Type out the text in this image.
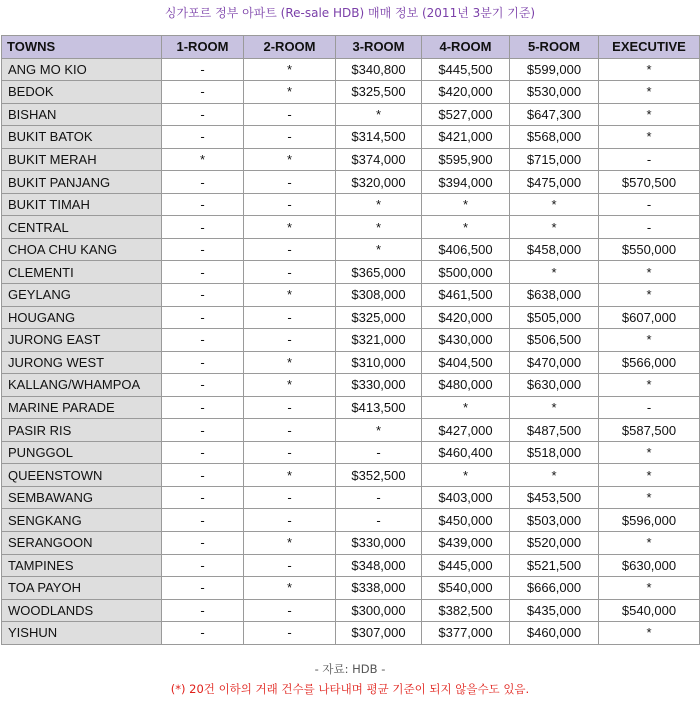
싱가포르 정부 아파트 (Re-sale HDB) 매매 정보 (2011년 3분기 기준)
TOWNS	1-ROOM	2-ROOM	3-ROOM	4-ROOM	5-ROOM	EXECUTIVE
ANG MO KIO	-	*	$340,800	$445,500	$599,000	*
BEDOK	-	*	$325,500	$420,000	$530,000	*
BISHAN	-	-	*	$527,000	$647,300	*
BUKIT BATOK	-	-	$314,500	$421,000	$568,000	*
BUKIT MERAH	*	*	$374,000	$595,900	$715,000	-
BUKIT PANJANG	-	-	$320,000	$394,000	$475,000	$570,500
BUKIT TIMAH	-	-	*	*	*	-
CENTRAL	-	*	*	*	*	-
CHOA CHU KANG	-	-	*	$406,500	$458,000	$550,000
CLEMENTI	-	-	$365,000	$500,000	*	*
GEYLANG	-	*	$308,000	$461,500	$638,000	*
HOUGANG	-	-	$325,000	$420,000	$505,000	$607,000
JURONG EAST	-	-	$321,000	$430,000	$506,500	*
JURONG WEST	-	*	$310,000	$404,500	$470,000	$566,000
KALLANG/WHAMPOA	-	*	$330,000	$480,000	$630,000	*
MARINE PARADE	-	-	$413,500	*	*	-
PASIR RIS	-	-	*	$427,000	$487,500	$587,500
PUNGGOL	-	-	-	$460,400	$518,000	*
QUEENSTOWN	-	*	$352,500	*	*	*
SEMBAWANG	-	-	-	$403,000	$453,500	*
SENGKANG	-	-	-	$450,000	$503,000	$596,000
SERANGOON	-	*	$330,000	$439,000	$520,000	*
TAMPINES	-	-	$348,000	$445,000	$521,500	$630,000
TOA PAYOH	-	*	$338,000	$540,000	$666,000	*
WOODLANDS	-	-	$300,000	$382,500	$435,000	$540,000
YISHUN	-	-	$307,000	$377,000	$460,000	*
- 자료: HDB -
(*) 20건 이하의 거래 건수를 나타내며 평균 기준이 되지 않을수도 있음.
